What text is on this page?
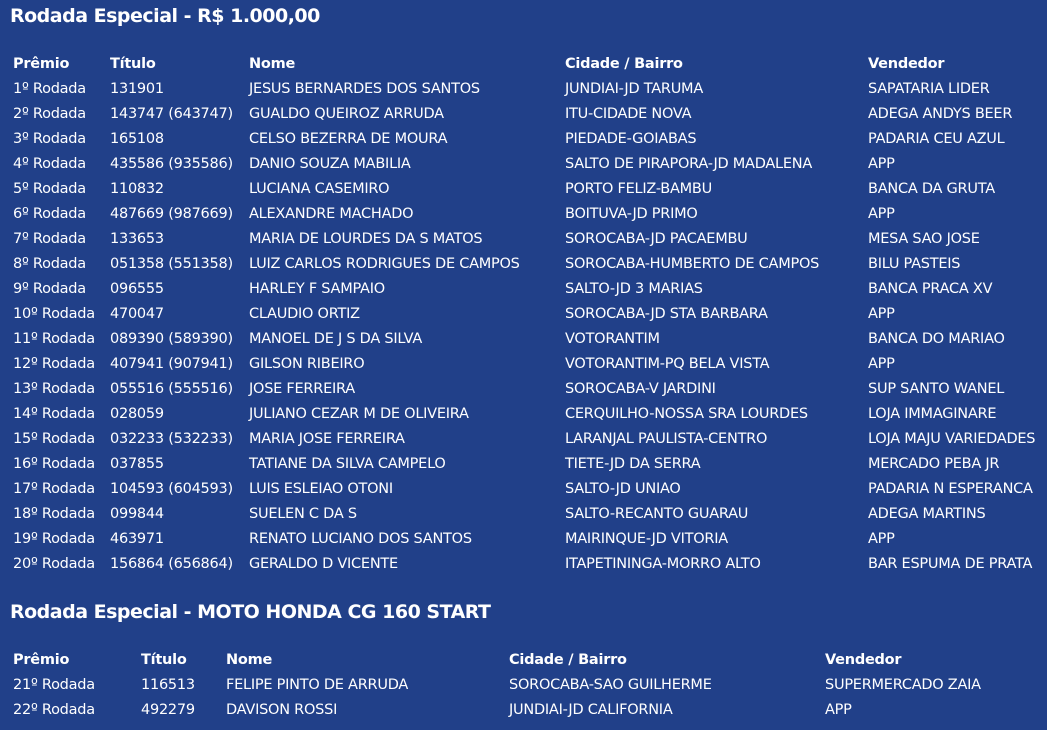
Rodada Especial - R$ 1.000,00
Prêmio	Título	Nome	Cidade / Bairro	Vendedor
1º Rodada	131901	JESUS BERNARDES DOS SANTOS	JUNDIAI-JD TARUMA	SAPATARIA LIDER
2º Rodada	143747 (643747)	GUALDO QUEIROZ ARRUDA	ITU-CIDADE NOVA	ADEGA ANDYS BEER
3º Rodada	165108	CELSO BEZERRA DE MOURA	PIEDADE-GOIABAS	PADARIA CEU AZUL
4º Rodada	435586 (935586)	DANIO SOUZA MABILIA	SALTO DE PIRAPORA-JD MADALENA	APP
5º Rodada	110832	LUCIANA CASEMIRO	PORTO FELIZ-BAMBU	BANCA DA GRUTA
6º Rodada	487669 (987669)	ALEXANDRE MACHADO	BOITUVA-JD PRIMO	APP
7º Rodada	133653	MARIA DE LOURDES DA S MATOS	SOROCABA-JD PACAEMBU	MESA SAO JOSE
8º Rodada	051358 (551358)	LUIZ CARLOS RODRIGUES DE CAMPOS	SOROCABA-HUMBERTO DE CAMPOS	BILU PASTEIS
9º Rodada	096555	HARLEY F SAMPAIO	SALTO-JD 3 MARIAS	BANCA PRACA XV
10º Rodada	470047	CLAUDIO ORTIZ	SOROCABA-JD STA BARBARA	APP
11º Rodada	089390 (589390)	MANOEL DE J S DA SILVA	VOTORANTIM	BANCA DO MARIAO
12º Rodada	407941 (907941)	GILSON RIBEIRO	VOTORANTIM-PQ BELA VISTA	APP
13º Rodada	055516 (555516)	JOSE FERREIRA	SOROCABA-V JARDINI	SUP SANTO WANEL
14º Rodada	028059	JULIANO CEZAR M DE OLIVEIRA	CERQUILHO-NOSSA SRA LOURDES	LOJA IMMAGINARE
15º Rodada	032233 (532233)	MARIA JOSE FERREIRA	LARANJAL PAULISTA-CENTRO	LOJA MAJU VARIEDADES
16º Rodada	037855	TATIANE DA SILVA CAMPELO	TIETE-JD DA SERRA	MERCADO PEBA JR
17º Rodada	104593 (604593)	LUIS ESLEIAO OTONI	SALTO-JD UNIAO	PADARIA N ESPERANCA
18º Rodada	099844	SUELEN C DA S	SALTO-RECANTO GUARAU	ADEGA MARTINS
19º Rodada	463971	RENATO LUCIANO DOS SANTOS	MAIRINQUE-JD VITORIA	APP
20º Rodada	156864 (656864)	GERALDO D VICENTE	ITAPETININGA-MORRO ALTO	BAR ESPUMA DE PRATA
Rodada Especial - MOTO HONDA CG 160 START
Prêmio	Título	Nome	Cidade / Bairro	Vendedor
21º Rodada	116513	FELIPE PINTO DE ARRUDA	SOROCABA-SAO GUILHERME	SUPERMERCADO ZAIA
22º Rodada	492279	DAVISON ROSSI	JUNDIAI-JD CALIFORNIA	APP
